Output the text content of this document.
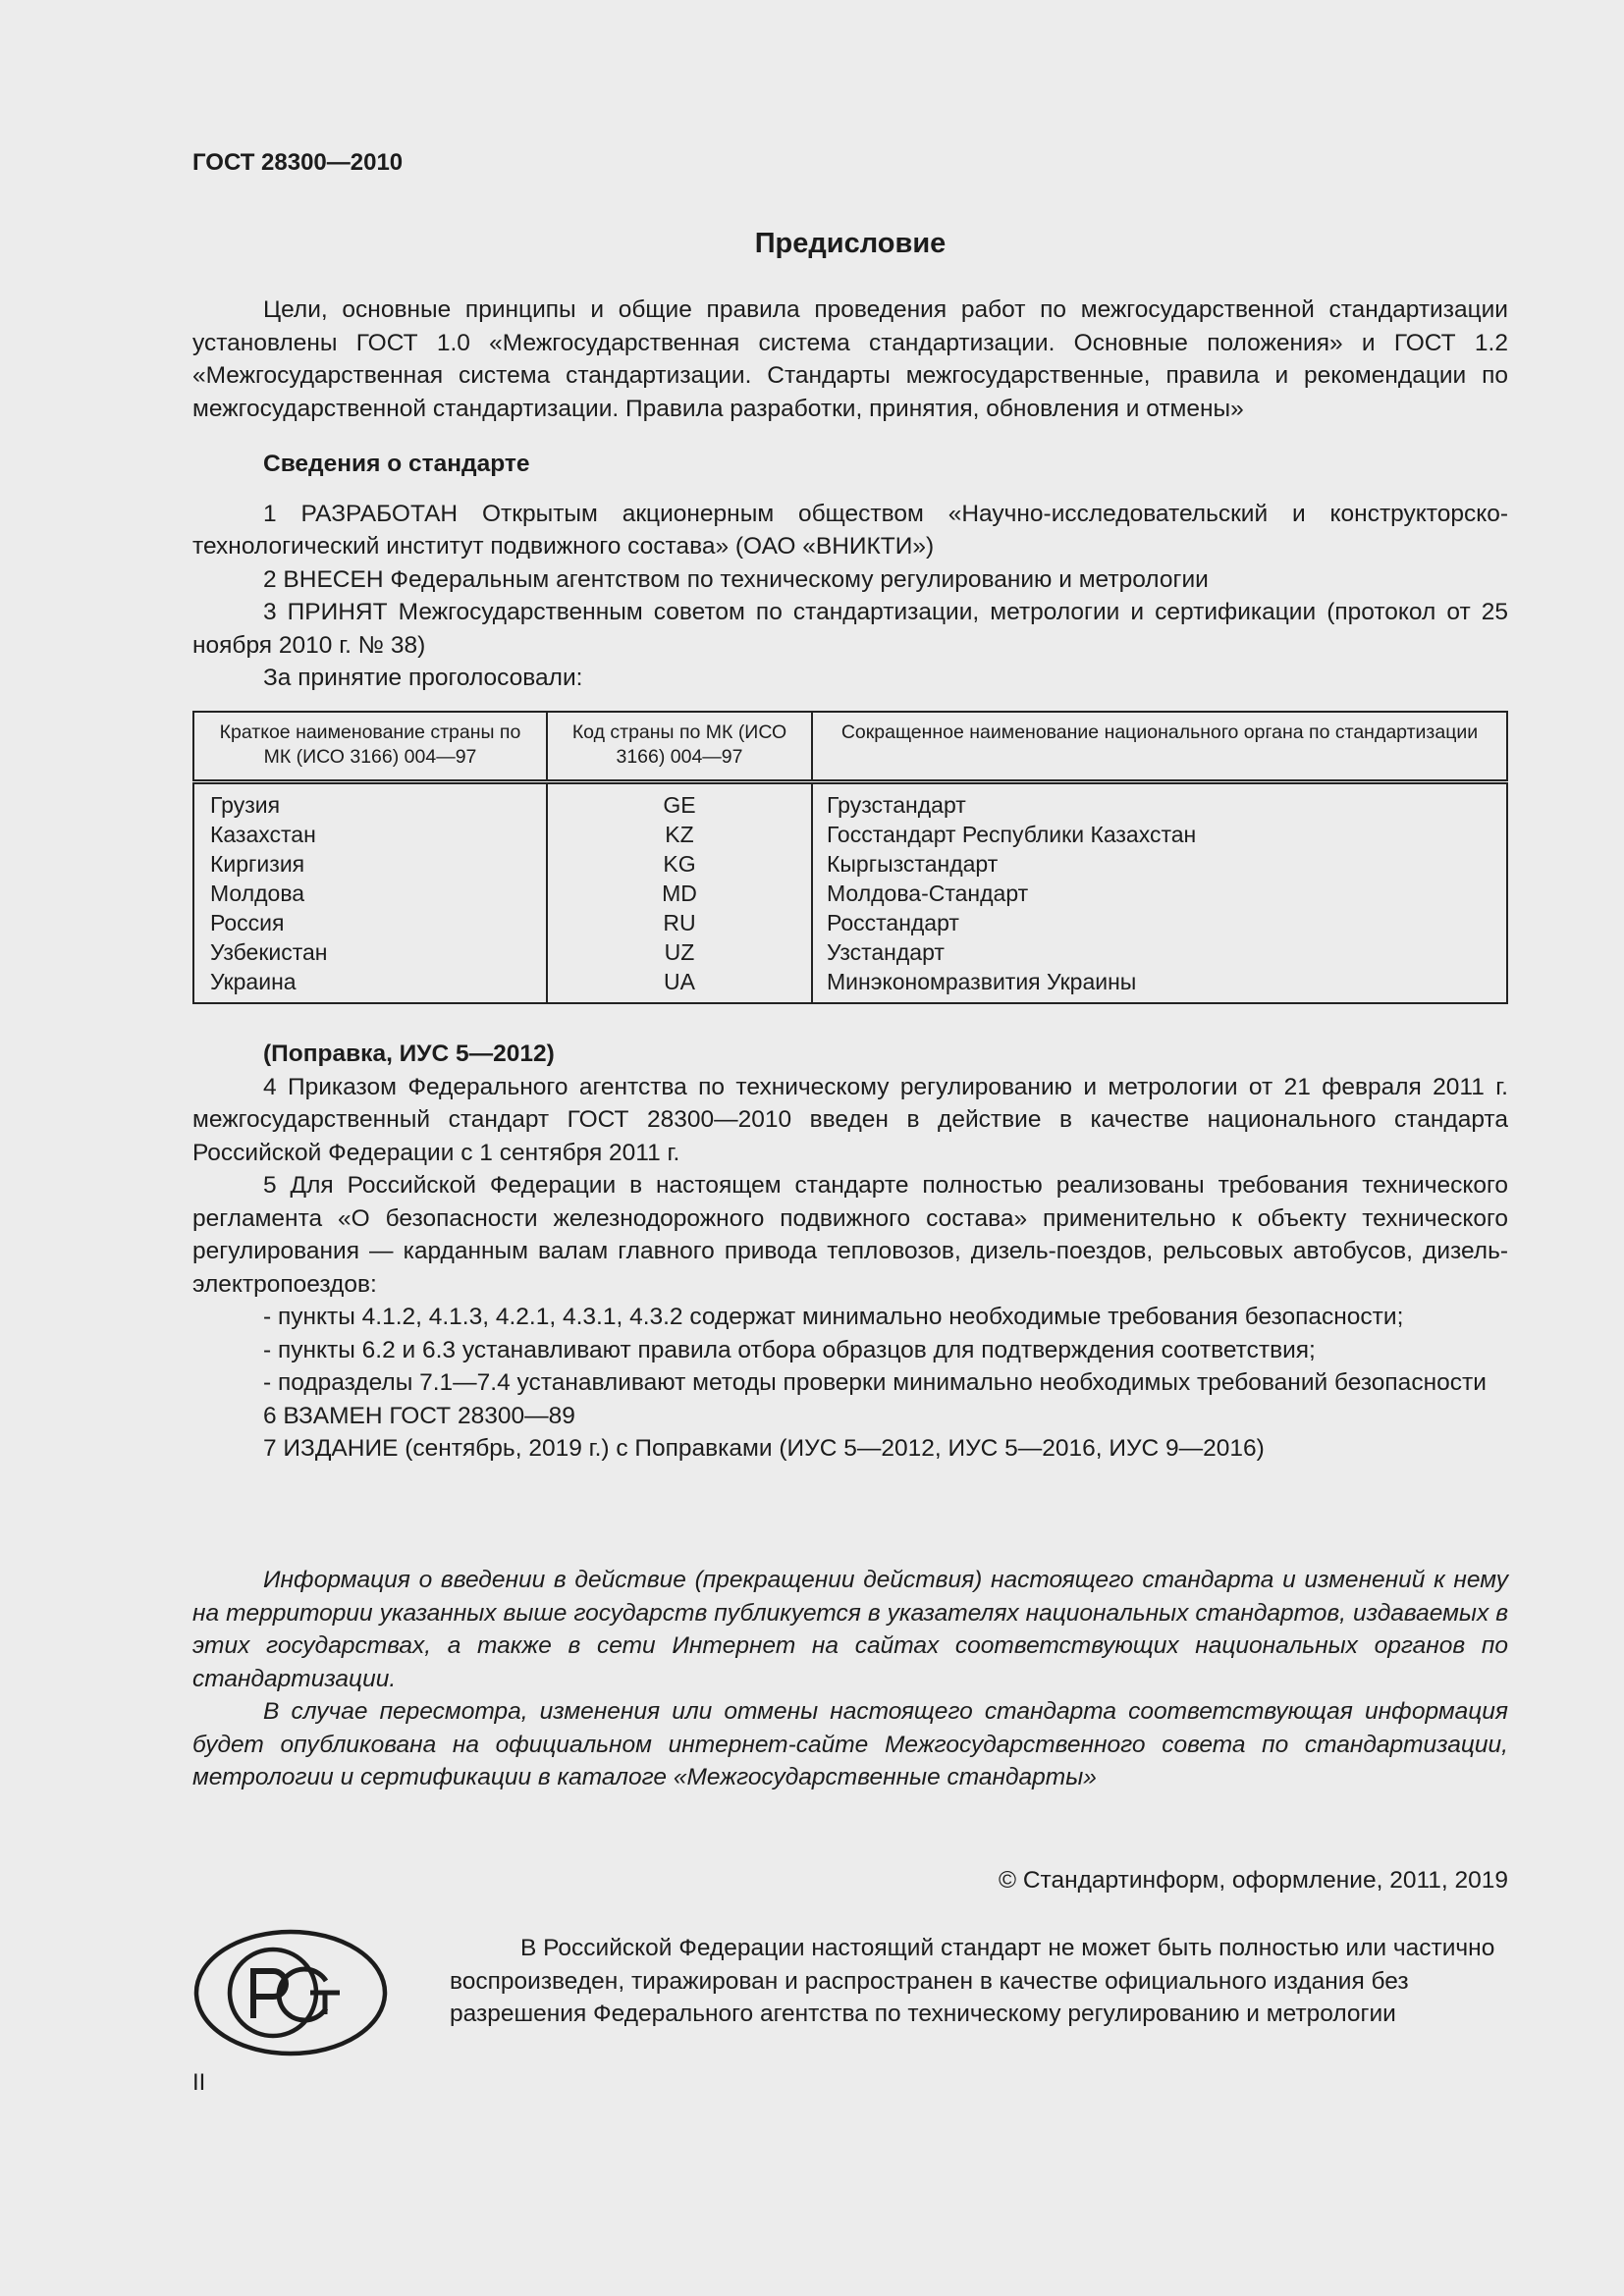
ГОСТ 28300—2010
Предисловие

Цели, основные принципы и общие правила проведения работ по межгосударственной стандартизации установлены ГОСТ 1.0 «Межгосударственная система стандартизации. Основные положения» и ГОСТ 1.2 «Межгосударственная система стандартизации. Стандарты межгосударственные, правила и рекомендации по межгосударственной стандартизации. Правила разработки, принятия, обновления и отмены»

Сведения о стандарте

1 РАЗРАБОТАН Открытым акционерным обществом «Научно-исследовательский и конструкторско-технологический институт подвижного состава» (ОАО «ВНИКТИ»)

2 ВНЕСЕН Федеральным агентством по техническому регулированию и метрологии

3 ПРИНЯТ Межгосударственным советом по стандартизации, метрологии и сертификации (протокол от 25 ноября 2010 г. № 38)

За принятие проголосовали:

Краткое наименование страны по МК (ИСО 3166) 004—97	Код страны по МК (ИСО 3166) 004—97	Сокращенное наименование национального органа по стандартизации
Грузия	GE	Грузстандарт
Казахстан	KZ	Госстандарт Республики Казахстан
Киргизия	KG	Кыргызстандарт
Молдова	MD	Молдова-Стандарт
Россия	RU	Росстандарт
Узбекистан	UZ	Узстандарт
Украина	UA	Минэкономразвития Украины

(Поправка, ИУС 5—2012)

4 Приказом Федерального агентства по техническому регулированию и метрологии от 21 февраля 2011 г. межгосударственный стандарт ГОСТ 28300—2010 введен в действие в качестве национального стандарта Российской Федерации с 1 сентября 2011 г.

5 Для Российской Федерации в настоящем стандарте полностью реализованы требования технического регламента «О безопасности железнодорожного подвижного состава» применительно к объекту технического регулирования — карданным валам главного привода тепловозов, дизель-поездов, рельсовых автобусов, дизель-электропоездов:

- пункты 4.1.2, 4.1.3, 4.2.1, 4.3.1, 4.3.2 содержат минимально необходимые требования безопасности;

- пункты 6.2 и 6.3 устанавливают правила отбора образцов для подтверждения соответствия;

- подразделы 7.1—7.4 устанавливают методы проверки минимально необходимых требований безопасности

6 ВЗАМЕН ГОСТ 28300—89

7 ИЗДАНИЕ (сентябрь, 2019 г.) с Поправками (ИУС 5—2012, ИУС 5—2016, ИУС 9—2016)

Информация о введении в действие (прекращении действия) настоящего стандарта и изменений к нему на территории указанных выше государств публикуется в указателях национальных стандартов, издаваемых в этих государствах, а также в сети Интернет на сайтах соответствующих национальных органов по стандартизации.

В случае пересмотра, изменения или отмены настоящего стандарта соответствующая информация будет опубликована на официальном интернет-сайте Межгосударственного совета по стандартизации, метрологии и сертификации в каталоге «Межгосударственные стандарты»

© Стандартинформ, оформление, 2011, 2019

В Российской Федерации настоящий стандарт не может быть полностью или частично воспроизведен, тиражирован и распространен в качестве официального издания без разрешения Федерального агентства по техническому регулированию и метрологии

II
